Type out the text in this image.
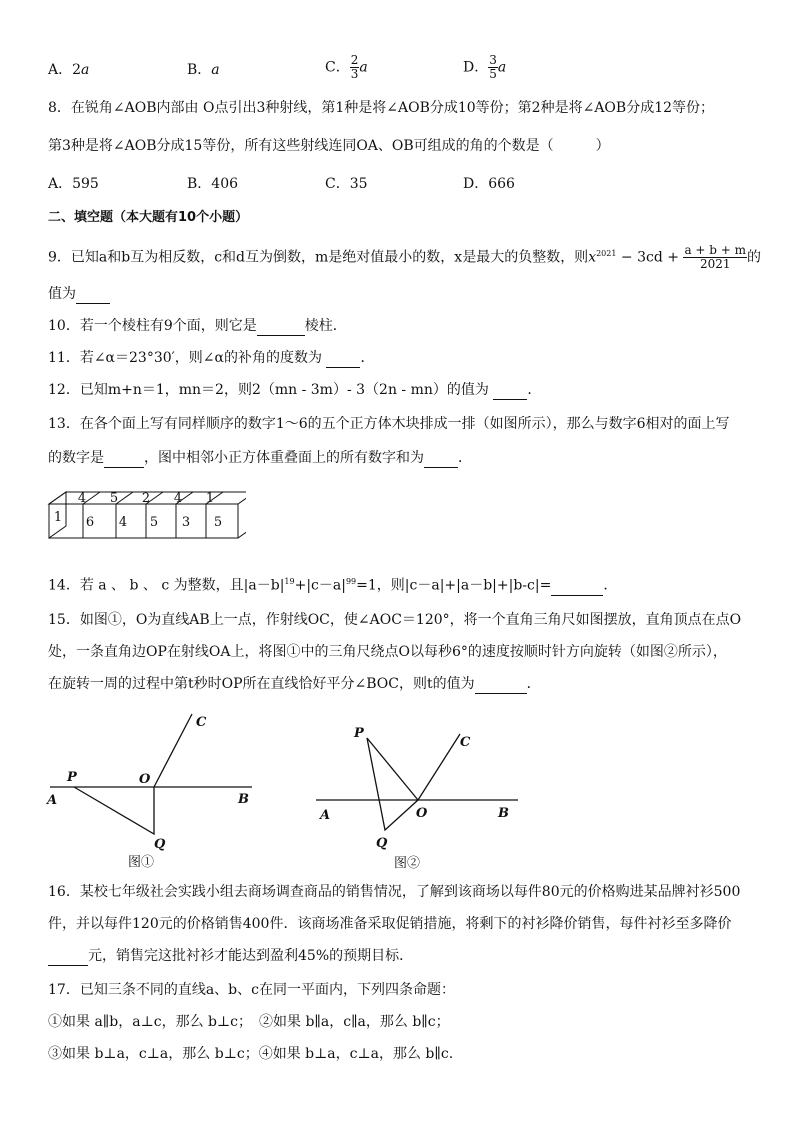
A．2a	B．a	C． $\frac{2}{3}$ a	D． $\frac{3}{5}$ a
8．在锐角∠AOB内部由 O点引出3种射线，第1种是将∠AOB分成10等份；第2种是将∠AOB分成12等份；
第3种是将∠AOB分成15等份，所有这些射线连同OA、OB可组成的角的个数是（　　　）
A．595	B．406	C．35	D．666
二、填空题（本大题有10个小题）
9．已知a和b互为相反数，c和d互为倒数，m是绝对值最小的数，x是最大的负整数，则$x^{2021} - 3cd + \frac{a + b + m}{2021}$ 的
值为
10．若一个棱柱有9个面，则它是	棱柱．
11．若∠α＝23°30′，则∠α的补角的度数为 ．
12．已知m+n＝1，mn＝2，则2（mn - 3m）- 3（2n - mn）的值为 ．
13．在各个面上写有同样顺序的数字1～6的五个正方体木块排成一排（如图所示），那么与数字6相对的面上写
的数字是	，图中相邻小正方体重叠面上的所有数字和为 ．
1
4 5 2 4 1
6 4 5 3 5
14．若 a 、 b 、 c 为整数，且$|a-b|^{19}+|c-a|^{99}=1$，则|c－a|+|a－b|+|b-c|=	．
15．如图①，O为直线AB上一点，作射线OC，使∠AOC＝120°，将一个直角三角尺如图摆放，直角顶点在点O
处，一条直角边OP在射线OA上，将图①中的三角尺绕点O以每秒6°的速度按顺时针方向旋转（如图②所示），
在旋转一周的过程中第t秒时OP所在直线恰好平分∠BOC，则t的值为	．
A
P	O
B
C
Q
图①
A
P
O	B
C
Q
图②
16．某校七年级社会实践小组去商场调查商品的销售情况，了解到该商场以每件80元的价格购进某品牌衬衫500
件，并以每件120元的价格销售400件．该商场准备采取促销措施，将剩下的衬衫降价销售，每件衬衫至多降价
元，销售完这批衬衫才能达到盈利45%的预期目标．
17．已知三条不同的直线a、b、c在同一平面内，下列四条命题：
①如果 a∥b，a⊥c，那么 b⊥c；　②如果 b∥a，c∥a，那么 b∥c；
③如果 b⊥a，c⊥a，那么 b⊥c；④如果 b⊥a，c⊥a，那么 b∥c.
